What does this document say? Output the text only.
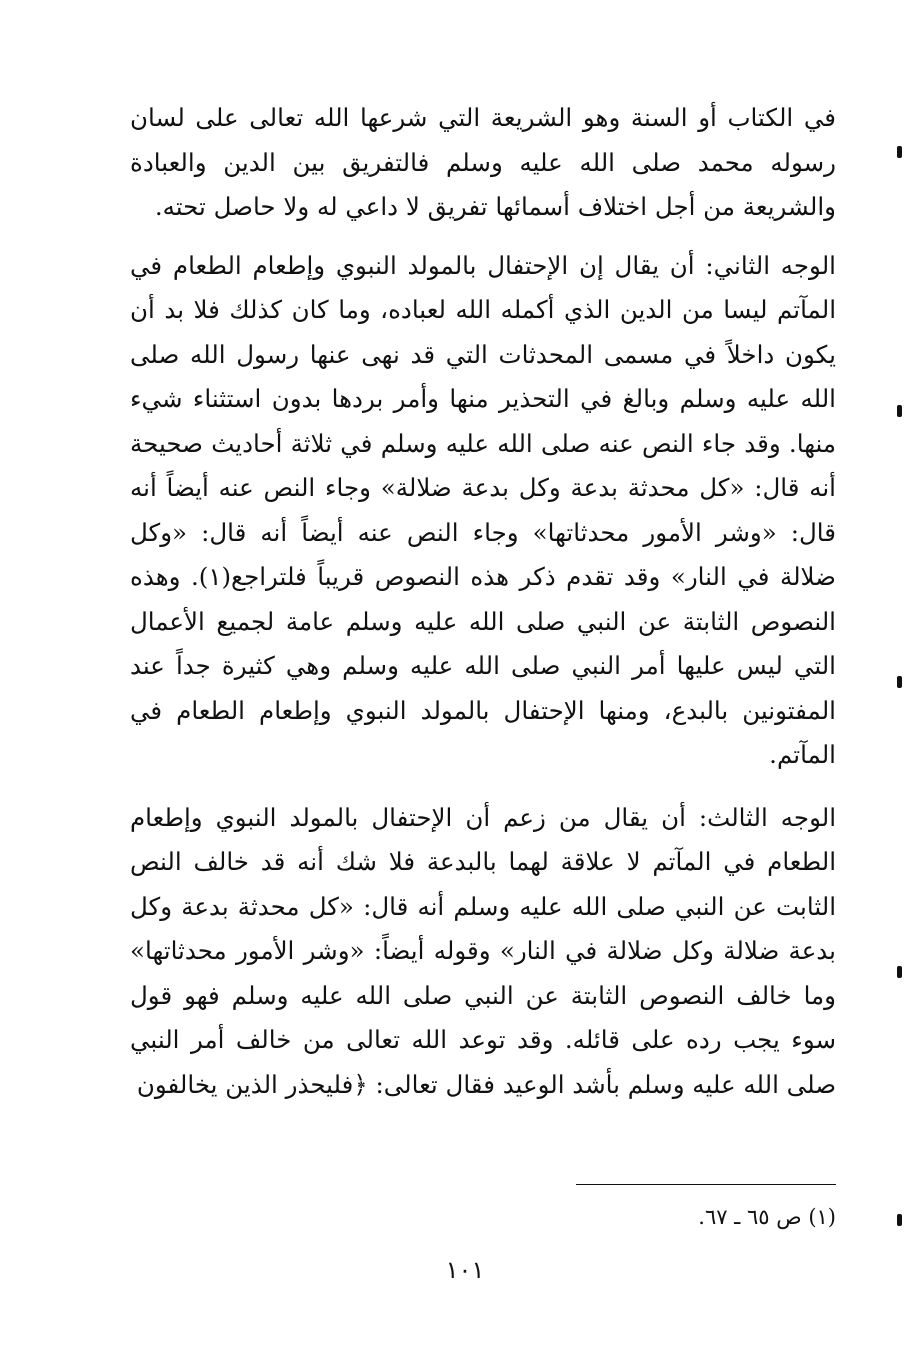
في الكتاب أو السنة وهو الشريعة التي شرعها الله تعالى على لسان رسوله محمد صلى الله عليه وسلم فالتفريق بين الدين والعبادة والشريعة من أجل اختلاف أسمائها تفريق لا داعي له ولا حاصل تحته.

الوجه الثاني: أن يقال إن الإحتفال بالمولد النبوي وإطعام الطعام في المآتم ليسا من الدين الذي أكمله الله لعباده، وما كان كذلك فلا بد أن يكون داخلاً في مسمى المحدثات التي قد نهى عنها رسول الله صلى الله عليه وسلم وبالغ في التحذير منها وأمر بردها بدون استثناء شيء منها. وقد جاء النص عنه صلى الله عليه وسلم في ثلاثة أحاديث صحيحة أنه قال: «كل محدثة بدعة وكل بدعة ضلالة» وجاء النص عنه أيضاً أنه قال: «وشر الأمور محدثاتها» وجاء النص عنه أيضاً أنه قال: «وكل ضلالة في النار» وقد تقدم ذكر هذه النصوص قريباً فلتراجع(١). وهذه النصوص الثابتة عن النبي صلى الله عليه وسلم عامة لجميع الأعمال التي ليس عليها أمر النبي صلى الله عليه وسلم وهي كثيرة جداً عند المفتونين بالبدع، ومنها الإحتفال بالمولد النبوي وإطعام الطعام في المآتم.

الوجه الثالث: أن يقال من زعم أن الإحتفال بالمولد النبوي وإطعام الطعام في المآتم لا علاقة لهما بالبدعة فلا شك أنه قد خالف النص الثابت عن النبي صلى الله عليه وسلم أنه قال: «كل محدثة بدعة وكل بدعة ضلالة وكل ضلالة في النار» وقوله أيضاً: «وشر الأمور محدثاتها» وما خالف النصوص الثابتة عن النبي صلى الله عليه وسلم فهو قول سوء يجب رده على قائله. وقد توعد الله تعالى من خالف أمر النبي صلى الله عليه وسلم بأشد الوعيد فقال تعالى: ﴿فليحذر الذين يخالفون

(١) ص ٦٥ ـ ٦٧.
١٠١
